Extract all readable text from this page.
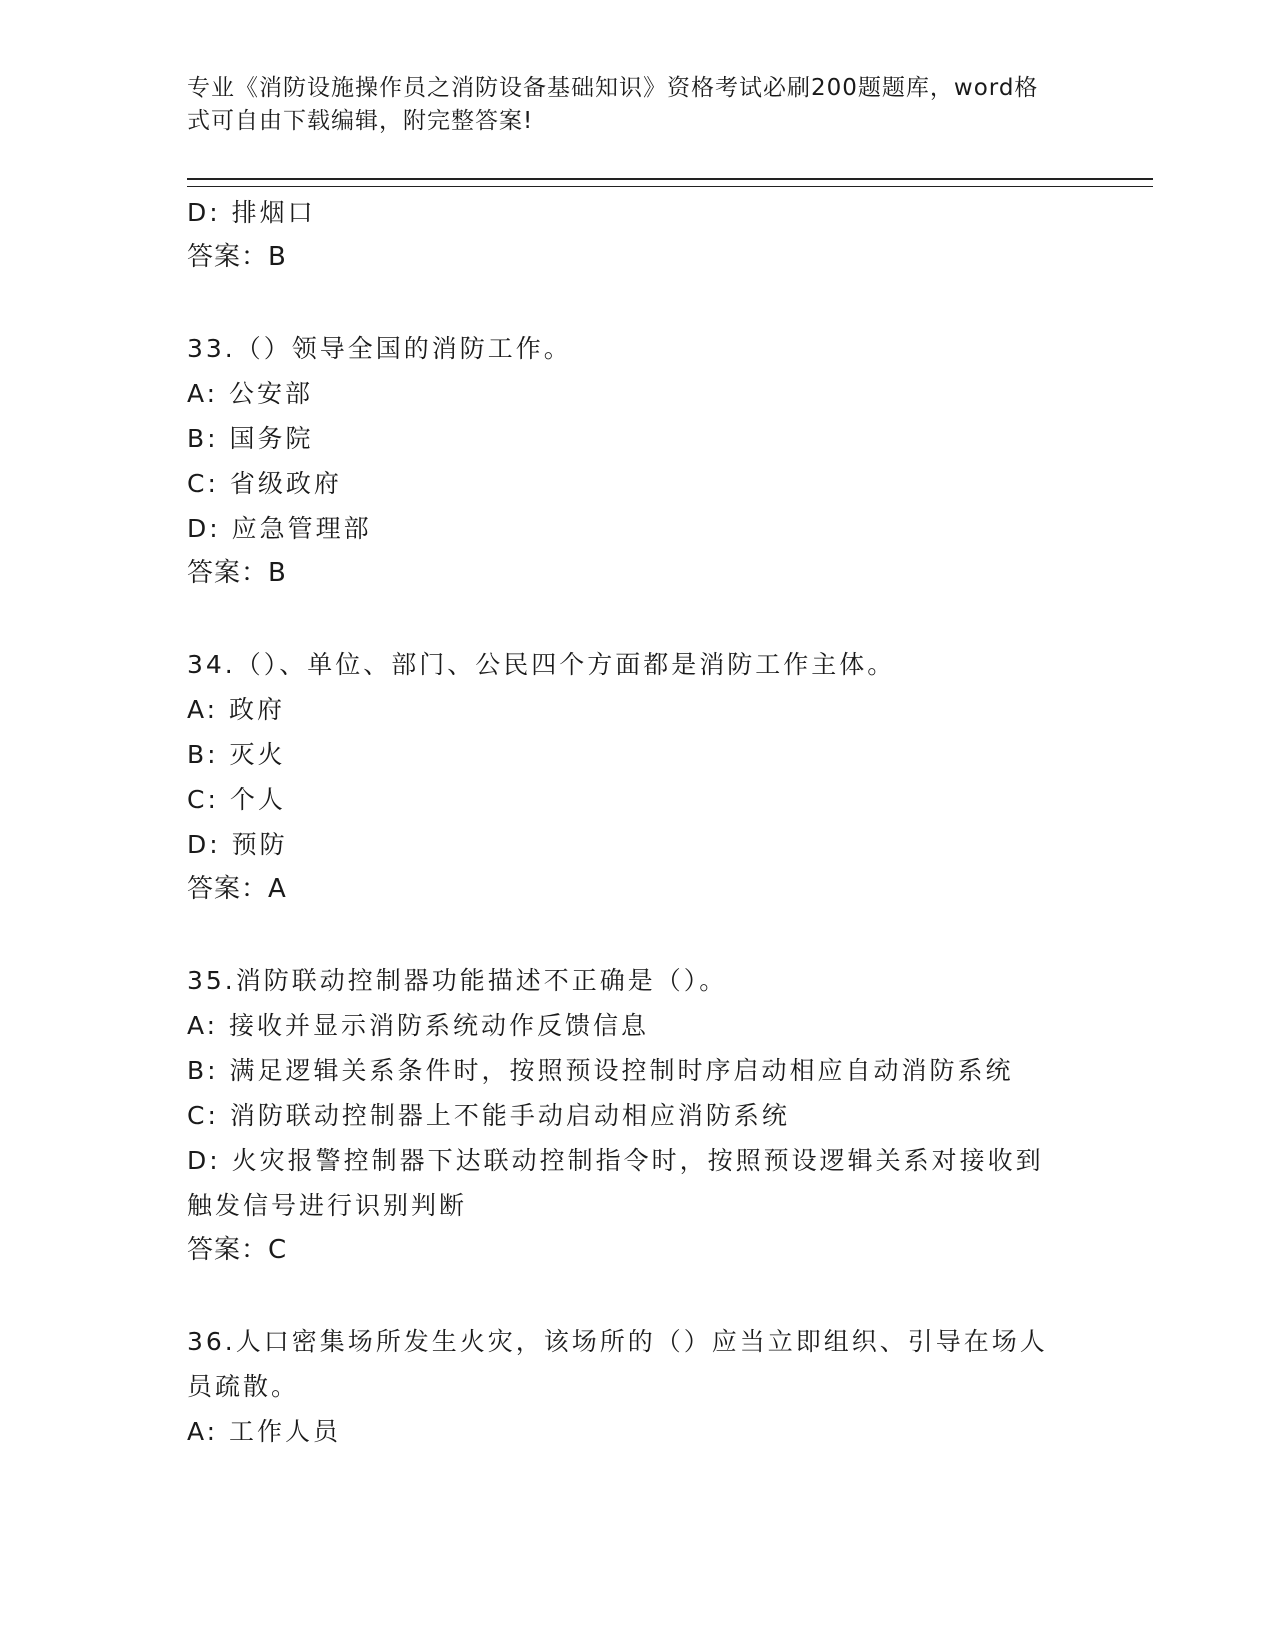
专业《消防设施操作员之消防设备基础知识》资格考试必刷200题题库，word格
式可自由下载编辑，附完整答案!
D: 排烟口
答案：B
33.（）领导全国的消防工作。
A: 公安部
B: 国务院
C: 省级政府
D: 应急管理部
答案：B
34.（）、单位、部门、公民四个方面都是消防工作主体。
A: 政府
B: 灭火
C: 个人
D: 预防
答案：A
35.消防联动控制器功能描述不正确是（）。
A: 接收并显示消防系统动作反馈信息
B: 满足逻辑关系条件时，按照预设控制时序启动相应自动消防系统
C: 消防联动控制器上不能手动启动相应消防系统
D: 火灾报警控制器下达联动控制指令时，按照预设逻辑关系对接收到
触发信号进行识别判断
答案：C
36.人口密集场所发生火灾，该场所的（）应当立即组织、引导在场人
员疏散。
A: 工作人员
